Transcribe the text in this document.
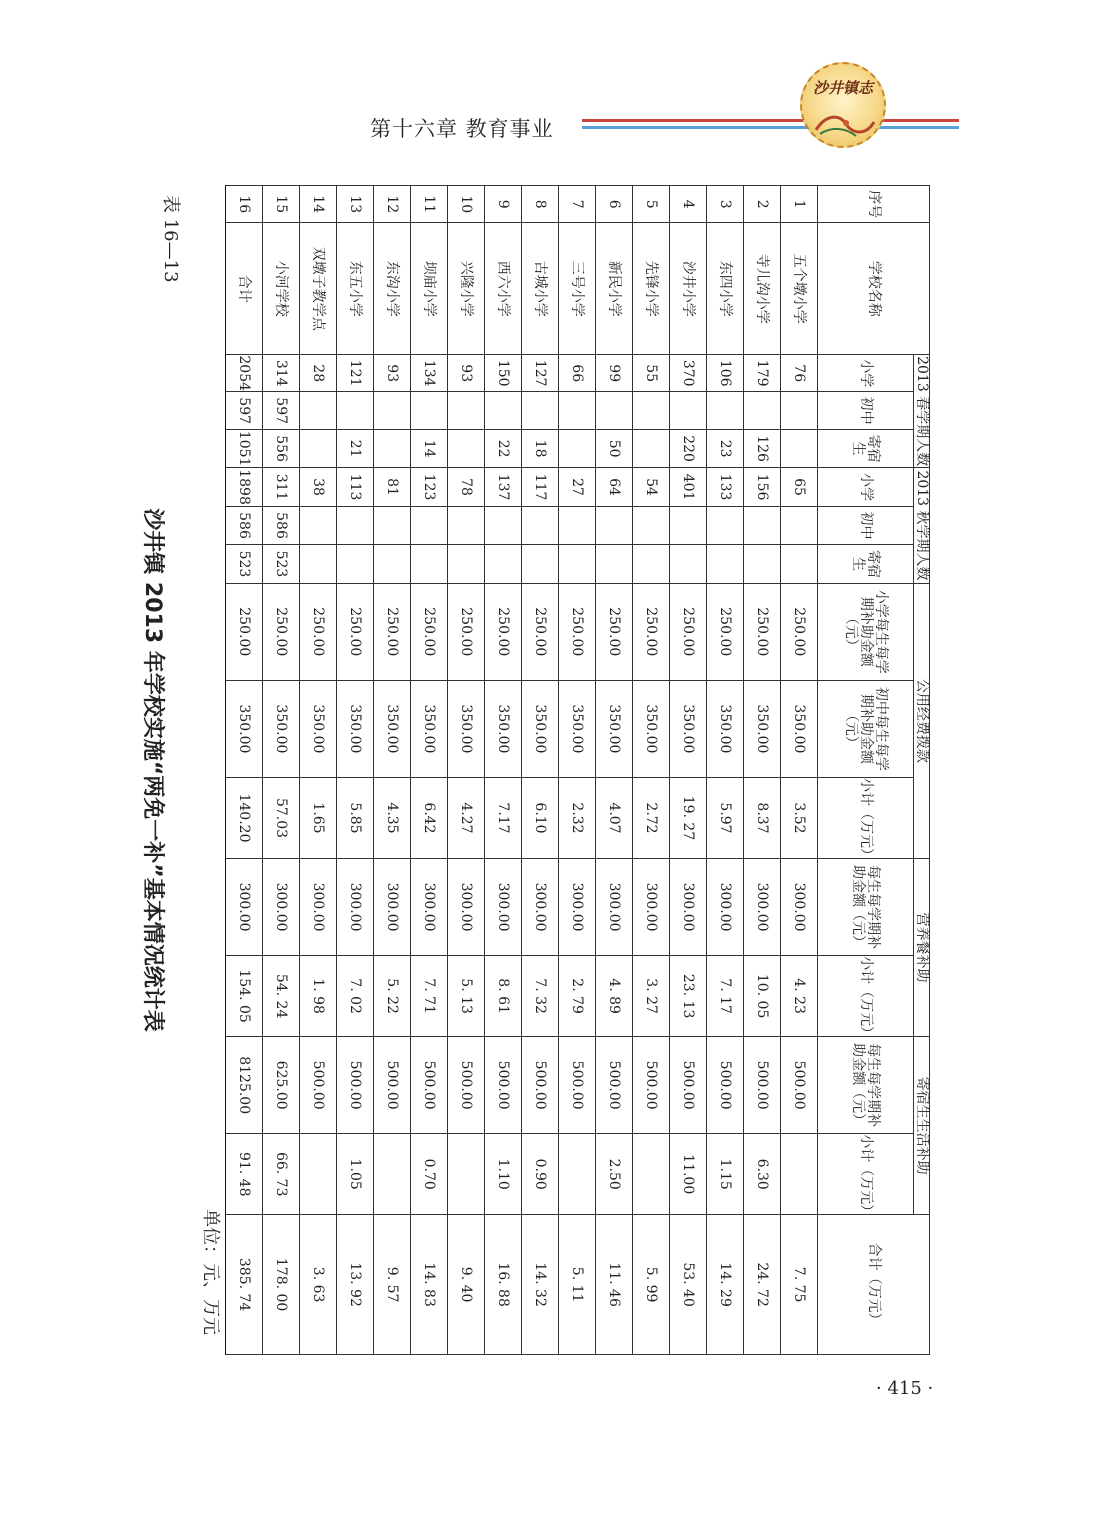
第十六章 教育事业
沙井镇志
序号	学校名称	2013 春学期人数			2013 秋学期人数			公用经费拨款			营养餐补助		寄宿生生活补助		合计（万元）
		小学	初中	寄宿生	小学	初中	寄宿生	小学每生每学期补助金额（元）	初中每生每学期补助金额（元）	小计（万元）	每生每学期补助金额（元）	小计（万元）	每生每学期补助金额（元）	小计（万元）	
1	五个墩小学	76			65			250.00	350.00	3.52	300.00	4. 23	500.00		7. 75
2	寺儿沟小学	179		126	156			250.00	350.00	8.37	300.00	10. 05	500.00	6.30	24. 72
3	东四小学	106		23	133			250.00	350.00	5.97	300.00	7. 17	500.00	1.15	14. 29
4	沙井小学	370		220	401			250.00	350.00	19. 27	300.00	23. 13	500.00	11.00	53. 40
5	先锋小学	55			54			250.00	350.00	2.72	300.00	3. 27	500.00		5. 99
6	新民小学	99		50	64			250.00	350.00	4.07	300.00	4. 89	500.00	2.50	11. 46
7	三号小学	66			27			250.00	350.00	2.32	300.00	2. 79	500.00		5. 11
8	古城小学	127		18	117			250.00	350.00	6.10	300.00	7. 32	500.00	0.90	14. 32
9	西六小学	150		22	137			250.00	350.00	7.17	300.00	8. 61	500.00	1.10	16. 88
10	兴隆小学	93			78			250.00	350.00	4.27	300.00	5. 13	500.00		9. 40
11	坝庙小学	134		14	123			250.00	350.00	6.42	300.00	7. 71	500.00	0.70	14. 83
12	东沟小学	93			81			250.00	350.00	4.35	300.00	5. 22	500.00		9. 57
13	东五小学	121		21	113			250.00	350.00	5.85	300.00	7. 02	500.00	1.05	13. 92
14	双墩子教学点	28			38			250.00	350.00	1.65	300.00	1. 98	500.00		3. 63
15	小河学校	314	597	556	311	586	523	250.00	350.00	57.03	300.00	54. 24	625.00	66. 73	178. 00
16	合计	2054	597	1051	1898	586	523	250.00	350.00	140.20	300.00	154. 05	8125.00	91. 48	385. 74
单位：元、万元
表 16—13
沙井镇 2013 年学校实施“两免一补”基本情况统计表
· 415 ·
